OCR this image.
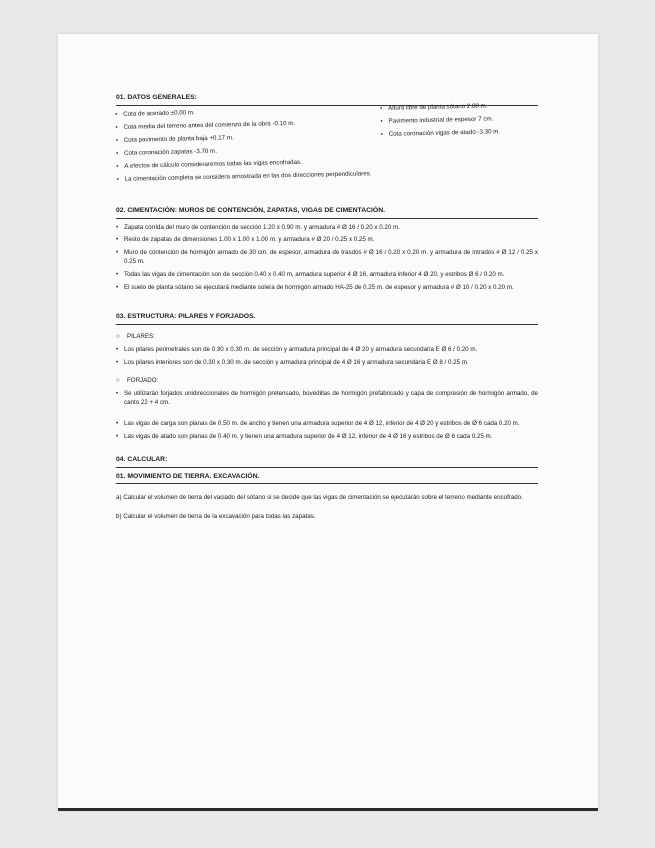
01. DATOS GENERALES:
• Cota de acerado ±0.00 m.
• Cota media del terreno antes del comienzo de la obra -0.10 m.
• Cota pavimento de planta baja +0.17 m.
• Cota coronación zapatas -3.70 m.
• A efectos de cálculo consideraremos todas las vigas encofradas.
• La cimentación completa se considera arriostrada en las dos direcciones perpendiculares.
• Altura libre de planta sótano 2.80 m.
• Pavimento industrial de espesor 7 cm.
• Cota coronación vigas de atado -3.30 m.
02. CIMENTACIÓN: MUROS DE CONTENCIÓN, ZAPATAS, VIGAS DE CIMENTACIÓN.
• Zapata corrida del muro de contención de sección 1.20 x 0.90 m. y armadura # Ø 16 / 0.20 x 0.20 m.
• Resto de zapatas de dimensiones 1.00 x 1.00 x 1.00 m. y armadura # Ø 20 / 0.25 x 0.25 m.
• Muro de contención de hormigón armado de 30 cm. de espesor, armadura de trasdós # Ø 16 / 0.20 x 0.20 m. y armadura de intradós # Ø 12 / 0.25 x 0.25 m.
• Todas las vigas de cimentación son de sección 0.40 x 0.40 m, armadura superior 4 Ø 16, armadura inferior 4 Ø 20, y estribos Ø 6 / 0.20 m.
• El suelo de planta sótano se ejecutará mediante solera de hormigón armado HA-25 de 0.25 m. de espesor y armadura # Ø 10 / 0.20 x 0.20 m.
03. ESTRUCTURA: PILARES Y FORJADOS.
○	PILARES:
• Los pilares perimetrales son de 0.30 x 0.30 m. de sección y armadura principal de 4 Ø 20 y armadura secundaria E Ø 6 / 0.20 m.
• Los pilares interiores son de 0.30 x 0.30 m. de sección y armadura principal de 4 Ø 16 y armadura secundaria E Ø 8 / 0.25 m.
○	FORJADO:
• Se utilizarán forjados unidireccionales de hormigón pretensado, bovedillas de hormigón prefabricado y capa de compresión de hormigón armado, de canto 22 + 4 cm.
• Las vigas de carga son planas de 0.50 m. de ancho y tienen una armadura superior de 4 Ø 12, inferior de 4 Ø 20 y estribos de Ø 6 cada 0.20 m.
• Las vigas de atado son planas de 0.40 m. y tienen una armadura superior de 4 Ø 12, inferior de 4 Ø 16 y estribos de Ø 6 cada 0.25 m.
04. CALCULAR:
01. MOVIMIENTO DE TIERRA. EXCAVACIÓN.
a) Calcular el volumen de tierra del vaciado del sótano si se decide que las vigas de cimentación se ejecutarán sobre el terreno mediante encofrado.
b) Calcular el volumen de tierra de la excavación para todas las zapatas.
